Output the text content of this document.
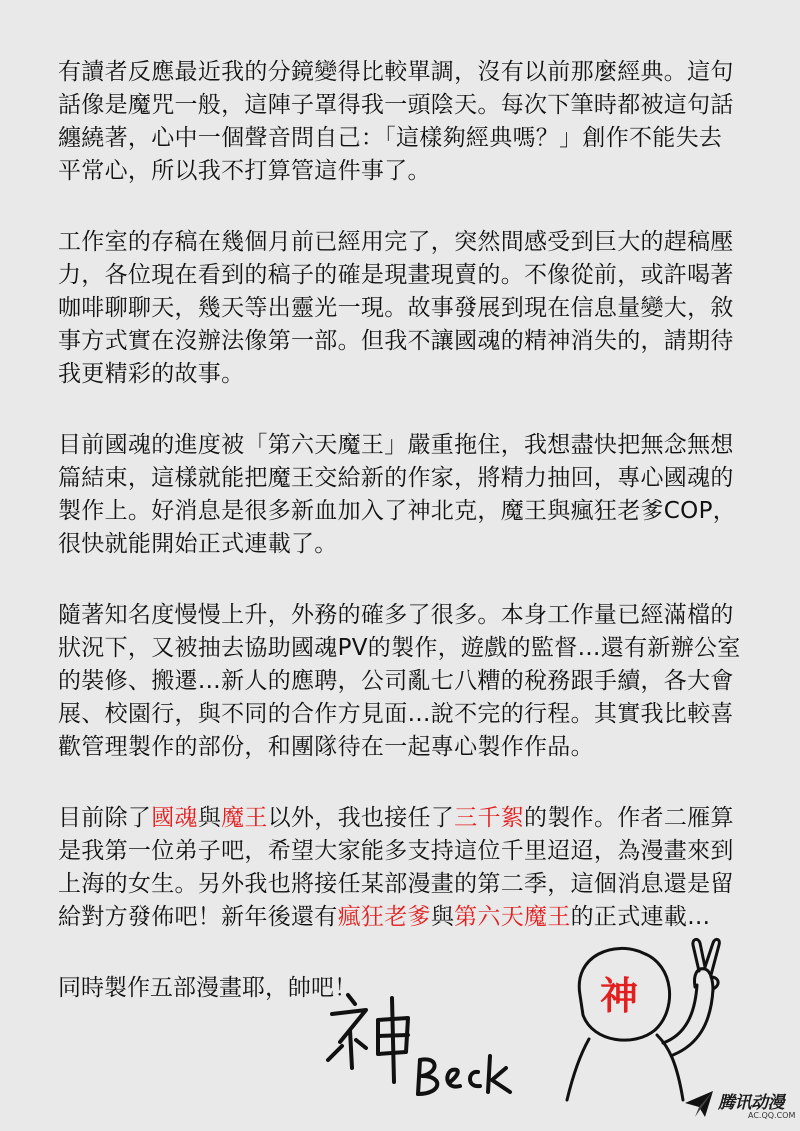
有讀者反應最近我的分鏡變得比較單調，沒有以前那麼經典。這句
話像是魔咒一般，這陣子罩得我一頭陰天。每次下筆時都被這句話
纏繞著，心中一個聲音問自己：「這樣夠經典嗎？」創作不能失去
平常心，所以我不打算管這件事了。

工作室的存稿在幾個月前已經用完了，突然間感受到巨大的趕稿壓
力，各位現在看到的稿子的確是現畫現賣的。不像從前，或許喝著
咖啡聊聊天，幾天等出靈光一現。故事發展到現在信息量變大，敘
事方式實在沒辦法像第一部。但我不讓國魂的精神消失的，請期待
我更精彩的故事。

目前國魂的進度被「第六天魔王」嚴重拖住，我想盡快把無念無想
篇結束，這樣就能把魔王交給新的作家，將精力抽回，專心國魂的
製作上。好消息是很多新血加入了神北克，魔王與瘋狂老爹COP，
很快就能開始正式連載了。

隨著知名度慢慢上升，外務的確多了很多。本身工作量已經滿檔的
狀況下，又被抽去協助國魂PV的製作，遊戲的監督…還有新辦公室
的裝修、搬遷…新人的應聘，公司亂七八糟的稅務跟手續，各大會
展、校園行，與不同的合作方見面…說不完的行程。其實我比較喜
歡管理製作的部份，和團隊待在一起專心製作作品。

目前除了國魂與魔王以外，我也接任了三千絮的製作。作者二雁算
是我第一位弟子吧，希望大家能多支持這位千里迢迢，為漫畫來到
上海的女生。另外我也將接任某部漫畫的第二季，這個消息還是留
給對方發佈吧！新年後還有瘋狂老爹與第六天魔王的正式連載…

同時製作五部漫畫耶，帥吧！	神
腾讯动漫
AC.QQ.COM
